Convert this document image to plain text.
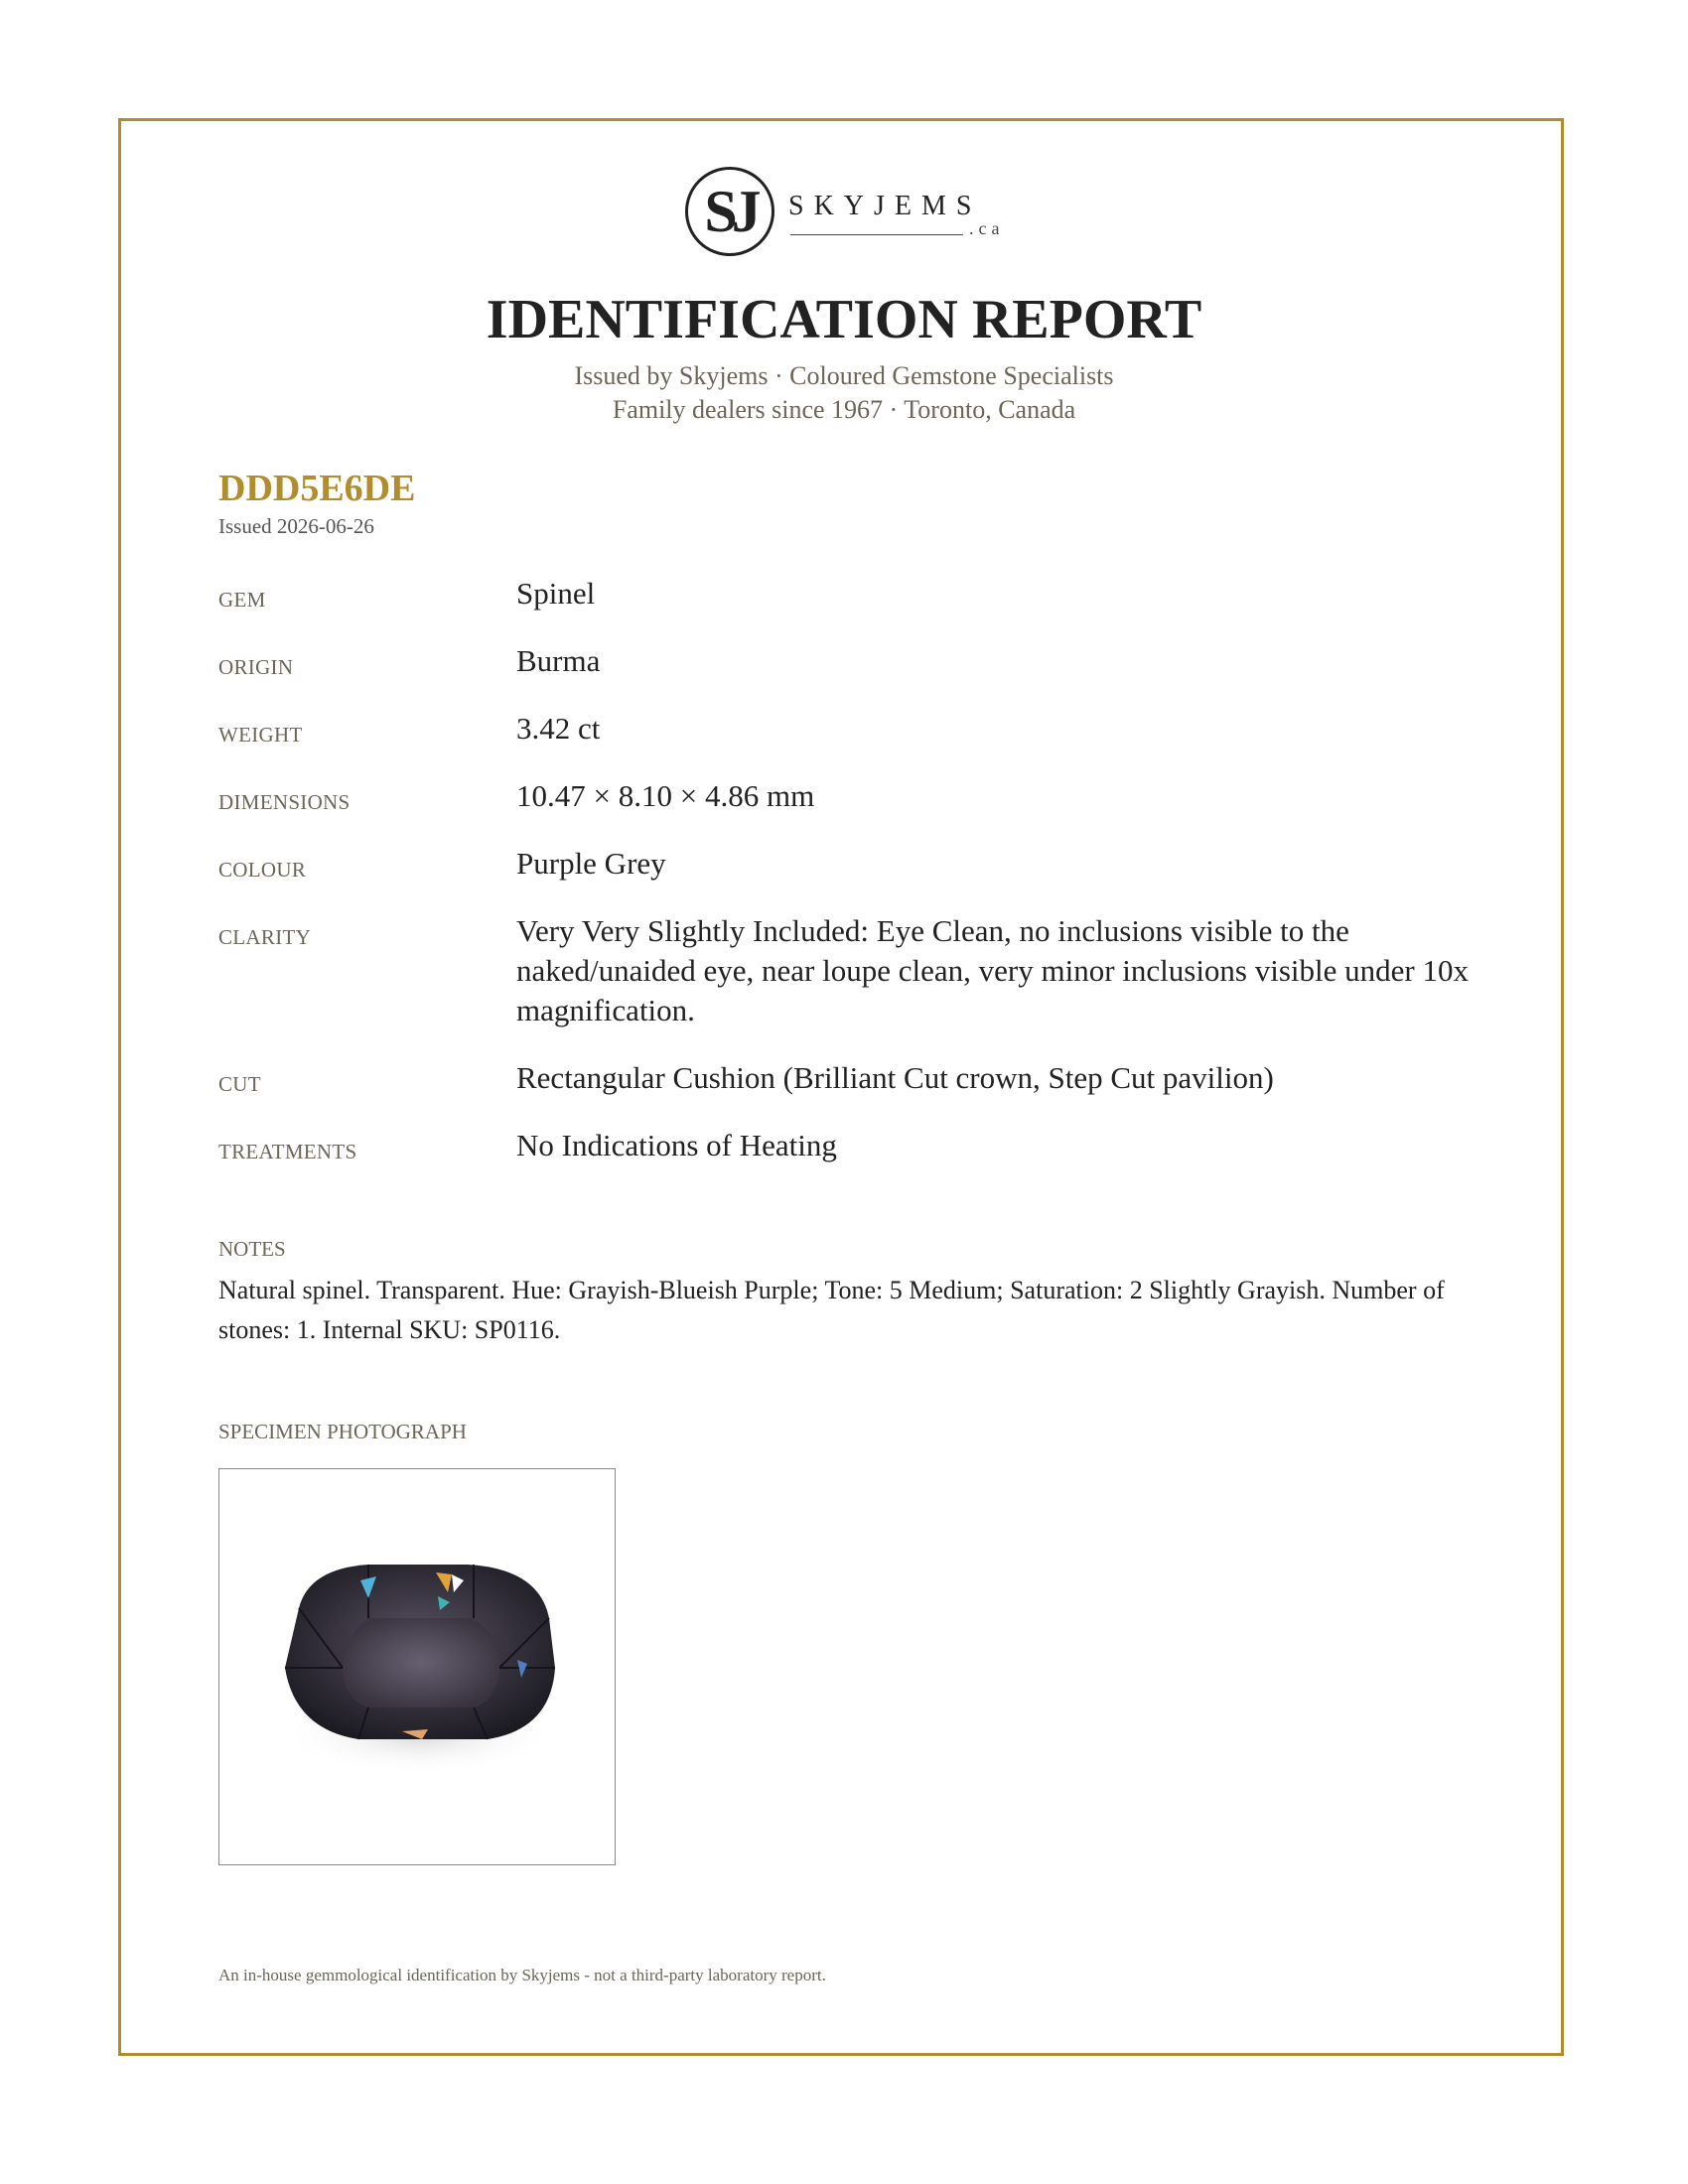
SJ	SKYJEMS
.ca
IDENTIFICATION REPORT
Issued by Skyjems · Coloured Gemstone Specialists
Family dealers since 1967 · Toronto, Canada
DDD5E6DE
Issued 2026-06-26
GEM	Spinel
ORIGIN	Burma
WEIGHT	3.42 ct
DIMENSIONS	10.47 × 8.10 × 4.86 mm
COLOUR	Purple Grey
CLARITY	Very Very Slightly Included: Eye Clean, no inclusions visible to the naked/unaided eye, near loupe clean, very minor inclusions visible under 10x magnification.
CUT	Rectangular Cushion (Brilliant Cut crown, Step Cut pavilion)
TREATMENTS	No Indications of Heating
NOTES
Natural spinel. Transparent. Hue: Grayish-Blueish Purple; Tone: 5 Medium; Saturation: 2 Slightly Grayish. Number of stones: 1. Internal SKU: SP0116.
SPECIMEN PHOTOGRAPH
An in-house gemmological identification by Skyjems - not a third-party laboratory report.
